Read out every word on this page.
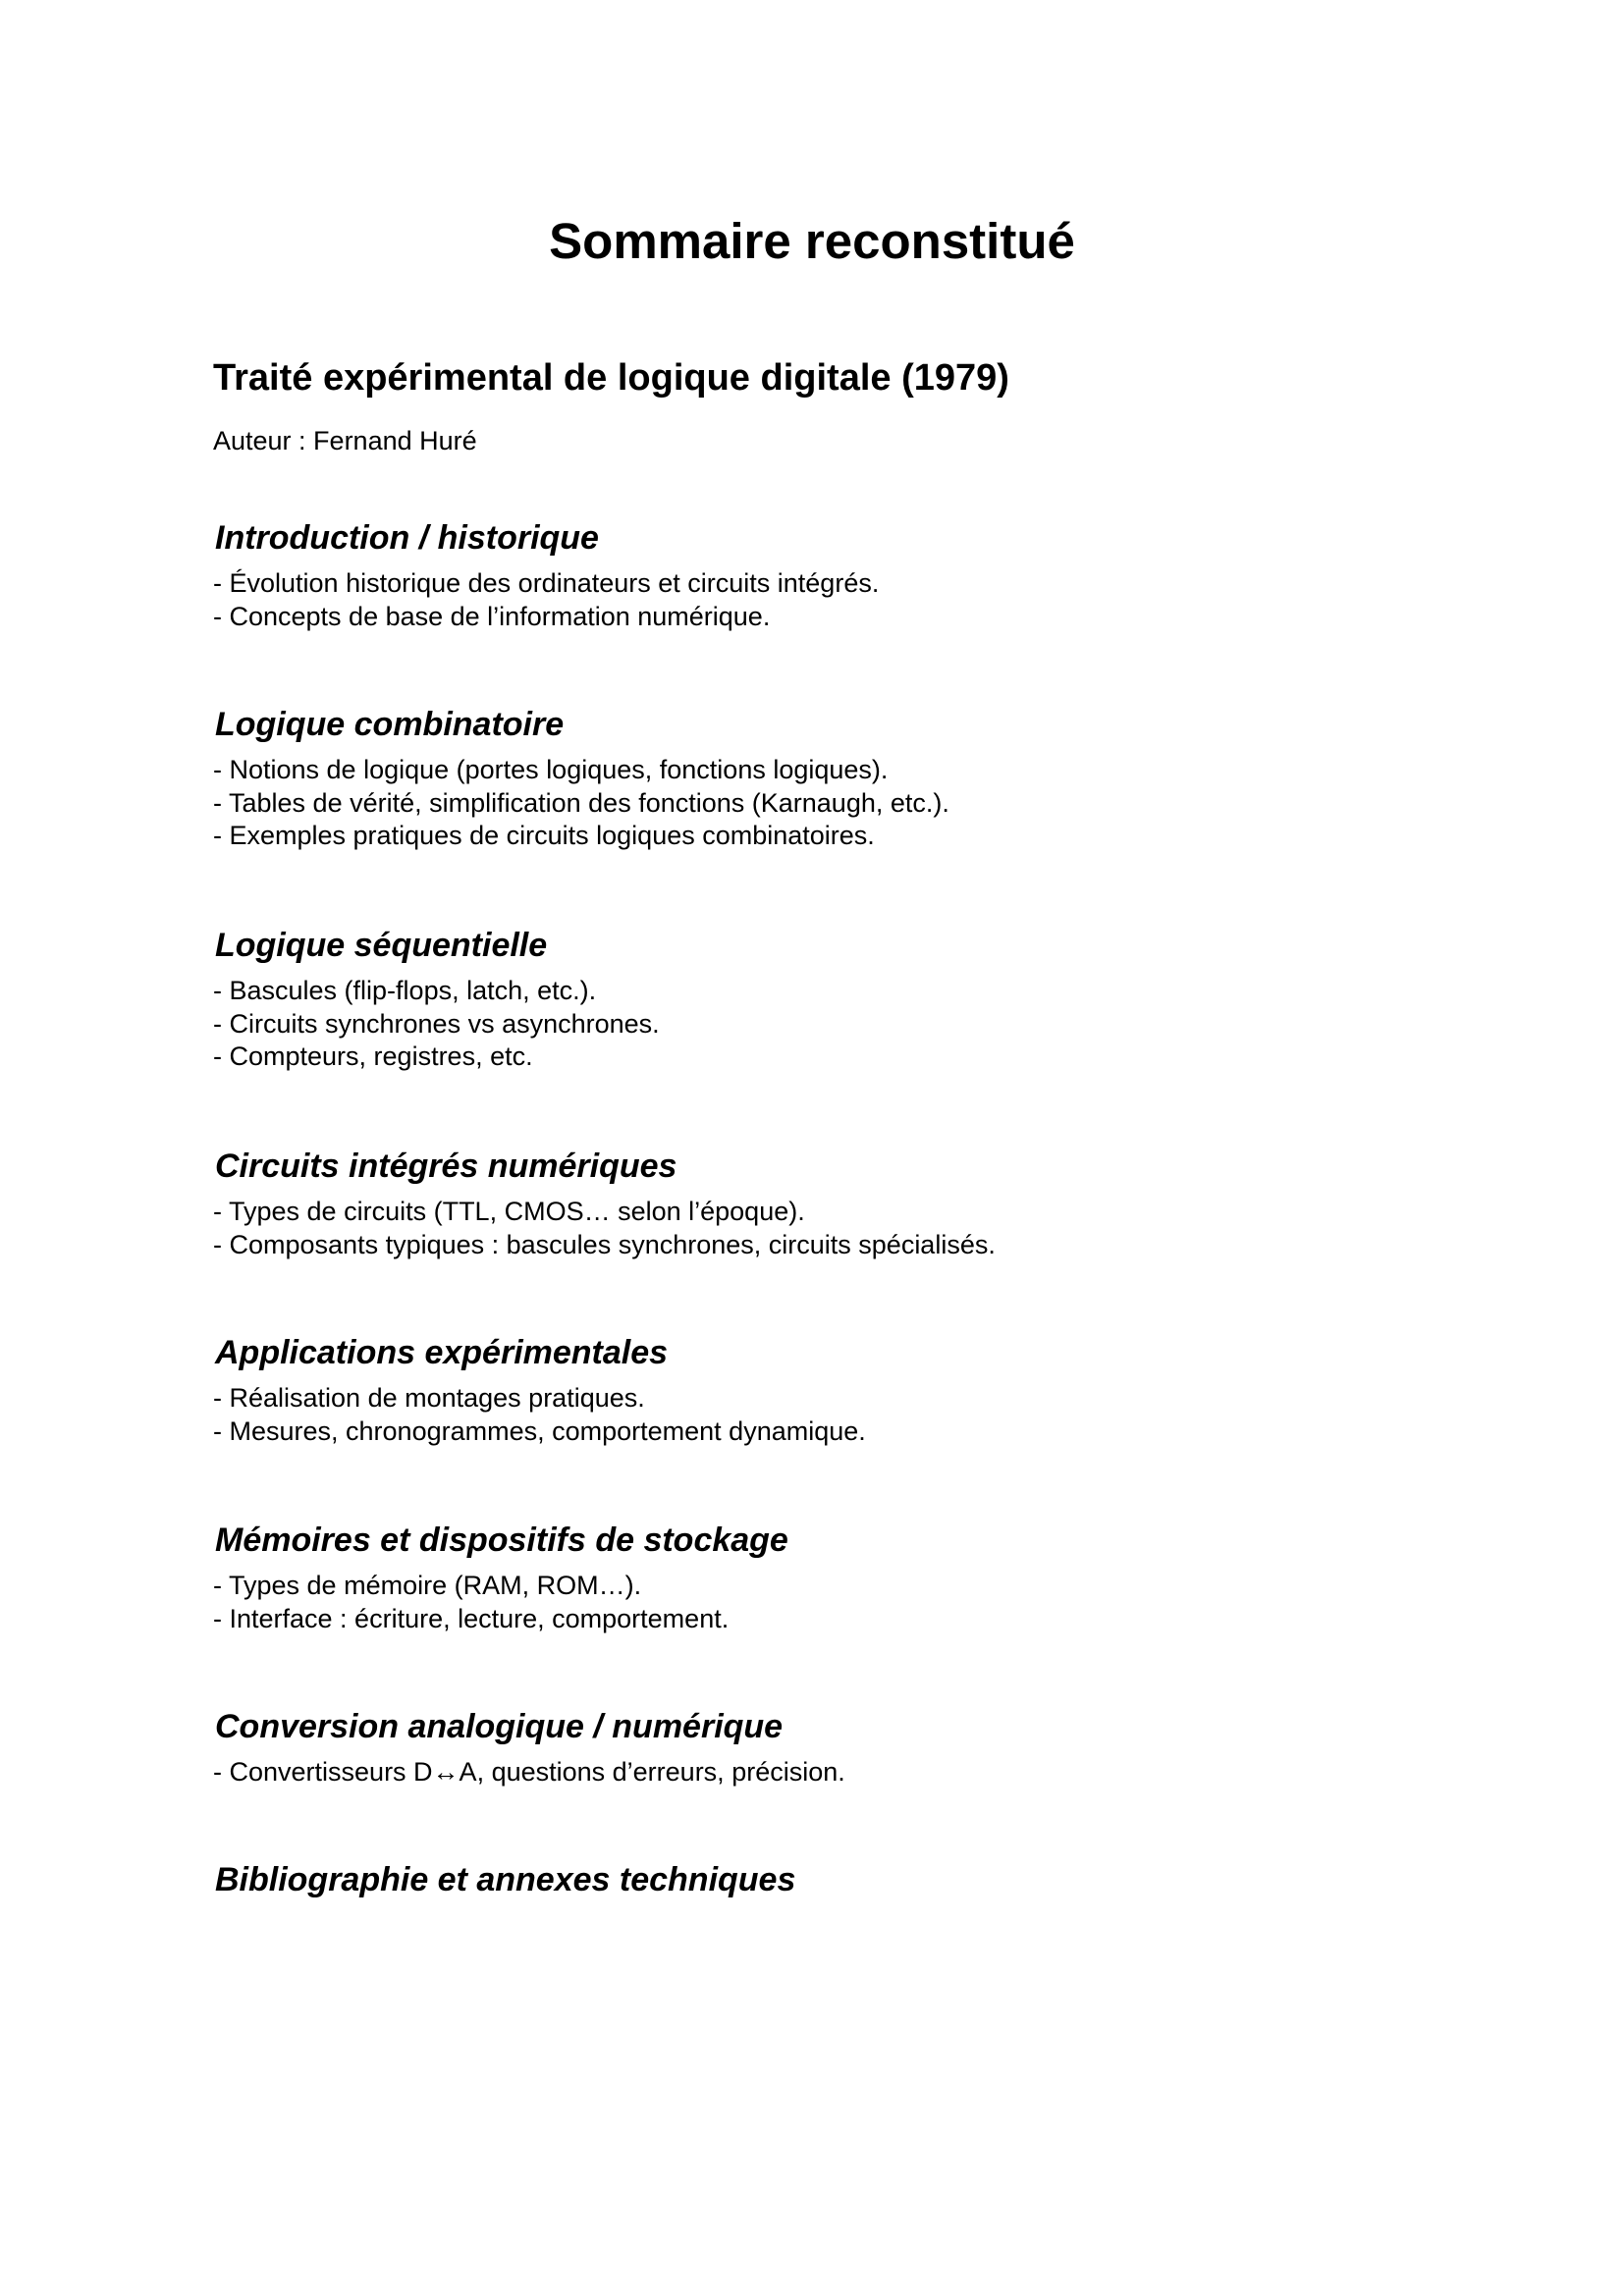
Sommaire reconstitué
Traité expérimental de logique digitale (1979)

Auteur : Fernand Huré

Introduction / historique
- Évolution historique des ordinateurs et circuits intégrés.
- Concepts de base de l’information numérique.
Logique combinatoire
- Notions de logique (portes logiques, fonctions logiques).
- Tables de vérité, simplification des fonctions (Karnaugh, etc.).
- Exemples pratiques de circuits logiques combinatoires.
Logique séquentielle
- Bascules (flip-flops, latch, etc.).
- Circuits synchrones vs asynchrones.
- Compteurs, registres, etc.
Circuits intégrés numériques
- Types de circuits (TTL, CMOS… selon l’époque).
- Composants typiques : bascules synchrones, circuits spécialisés.
Applications expérimentales
- Réalisation de montages pratiques.
- Mesures, chronogrammes, comportement dynamique.
Mémoires et dispositifs de stockage
- Types de mémoire (RAM, ROM…).
- Interface : écriture, lecture, comportement.
Conversion analogique / numérique
- Convertisseurs D↔A, questions d’erreurs, précision.
Bibliographie et annexes techniques
